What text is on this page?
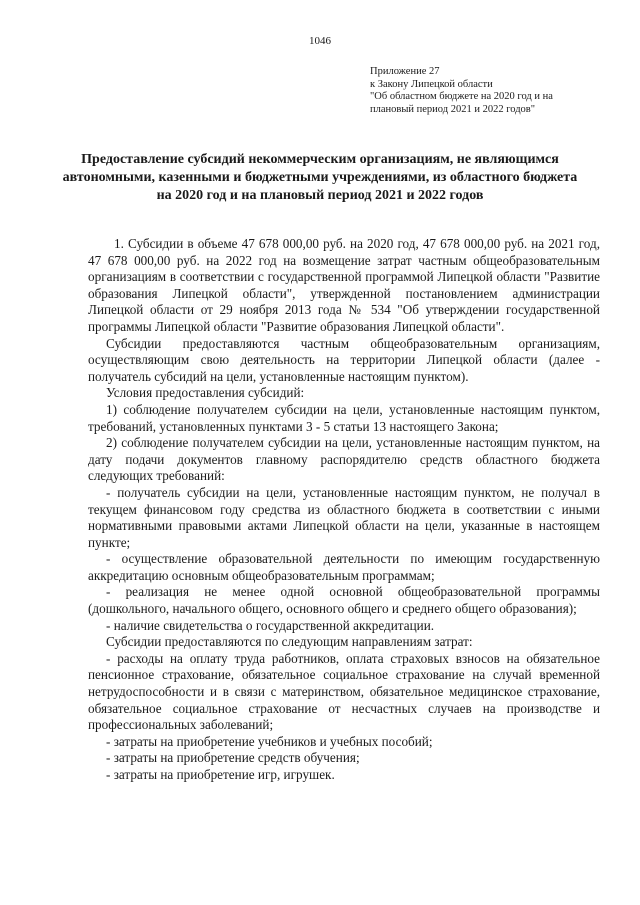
1046
Приложение 27
к Закону Липецкой области
"Об областном бюджете на 2020 год и на
плановый период 2021 и 2022 годов"
Предоставление субсидий некоммерческим организациям, не являющимся автономными, казенными и бюджетными учреждениями, из областного бюджета на 2020 год и на плановый период 2021 и 2022 годов

1. Субсидии в объеме 47 678 000,00 руб. на 2020 год, 47 678 000,00 руб. на 2021 год, 47 678 000,00 руб. на 2022 год на возмещение затрат частным общеобразовательным организациям в соответствии с государственной программой Липецкой области "Развитие образования Липецкой области", утвержденной постановлением администрации Липецкой области от 29 ноября 2013 года № 534 "Об утверждении государственной программы Липецкой области "Развитие образования Липецкой области".

Субсидии предоставляются частным общеобразовательным организациям, осуществляющим свою деятельность на территории Липецкой области (далее - получатель субсидий на цели, установленные настоящим пунктом).

Условия предоставления субсидий:

1) соблюдение получателем субсидии на цели, установленные настоящим пунктом, требований, установленных пунктами 3 - 5 статьи 13 настоящего Закона;

2) соблюдение получателем субсидии на цели, установленные настоящим пунктом, на дату подачи документов главному распорядителю средств областного бюджета следующих требований:

- получатель субсидии на цели, установленные настоящим пунктом, не получал в текущем финансовом году средства из областного бюджета в соответствии с иными нормативными правовыми актами Липецкой области на цели, указанные в настоящем пункте;

- осуществление образовательной деятельности по имеющим государственную аккредитацию основным общеобразовательным программам;

- реализация не менее одной основной общеобразовательной программы (дошкольного, начального общего, основного общего и среднего общего образования);

- наличие свидетельства о государственной аккредитации.

Субсидии предоставляются по следующим направлениям затрат:

- расходы на оплату труда работников, оплата страховых взносов на обязательное пенсионное страхование, обязательное социальное страхование на случай временной нетрудоспособности и в связи с материнством, обязательное медицинское страхование, обязательное социальное страхование от несчастных случаев на производстве и профессиональных заболеваний;

- затраты на приобретение учебников и учебных пособий;

- затраты на приобретение средств обучения;

- затраты на приобретение игр, игрушек.
